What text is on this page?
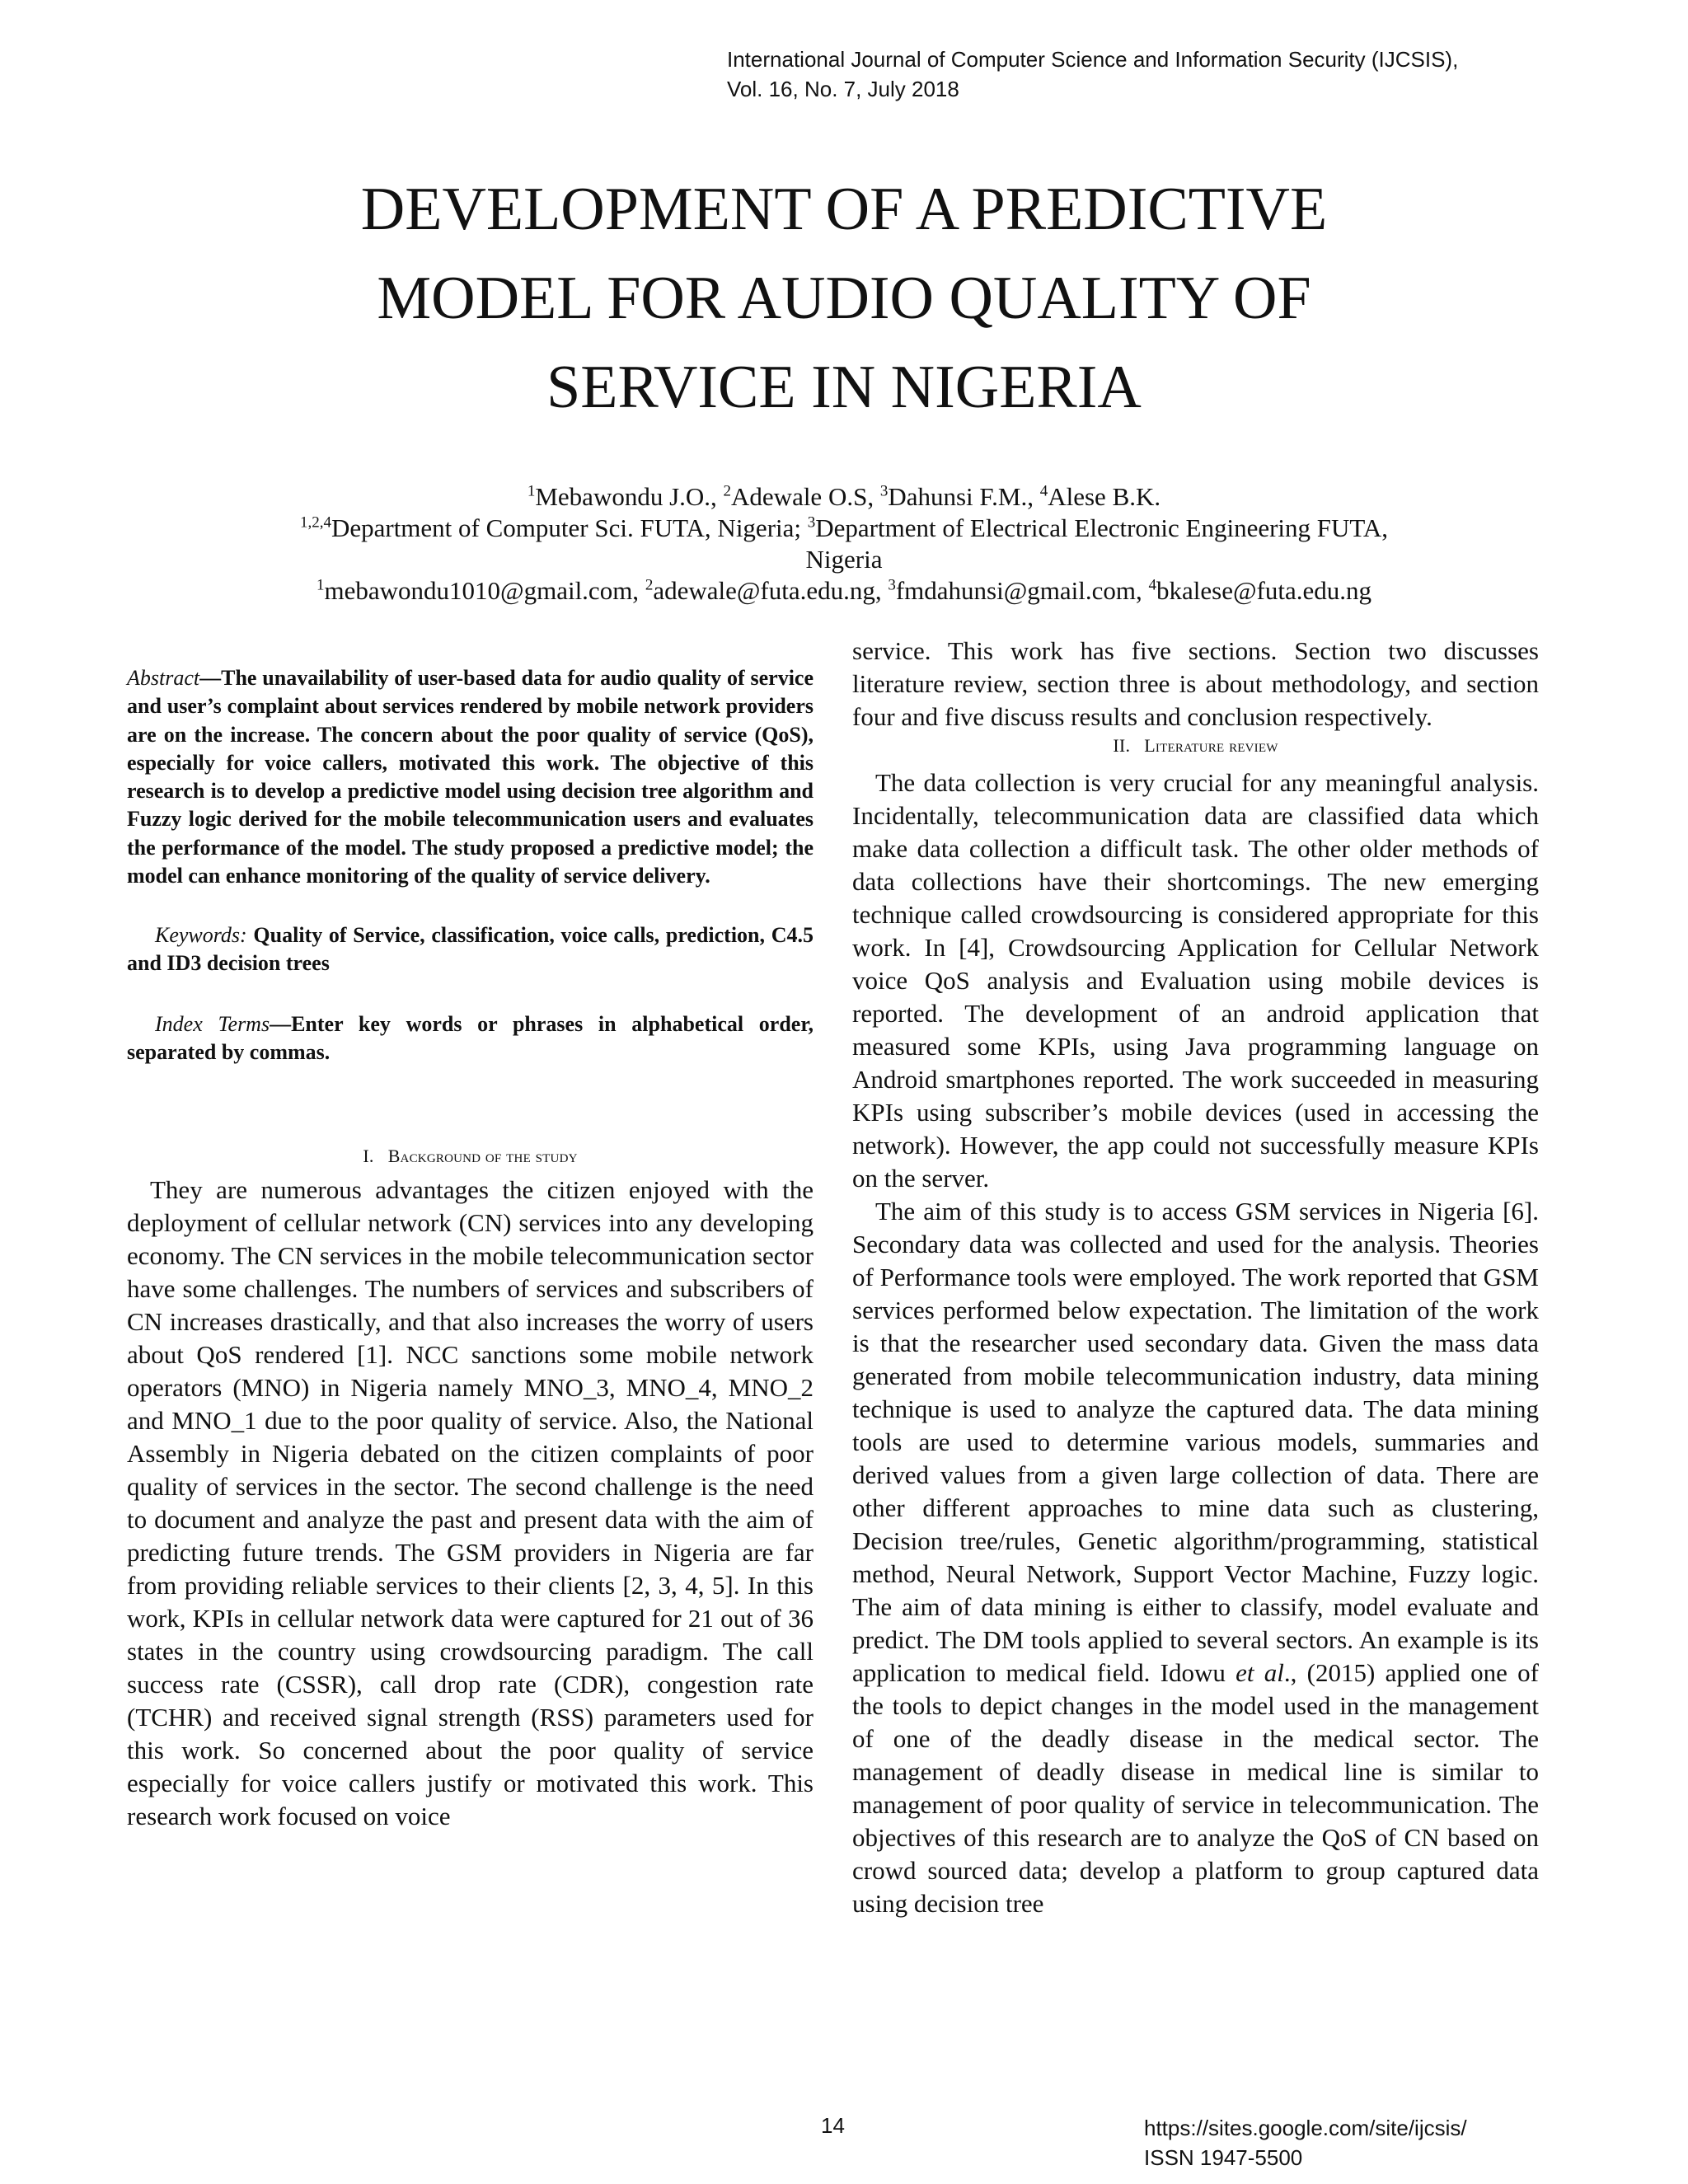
International Journal of Computer Science and Information Security (IJCSIS),
Vol. 16, No. 7, July 2018
DEVELOPMENT OF A PREDICTIVE
MODEL FOR AUDIO QUALITY OF
SERVICE IN NIGERIA
$^1$Mebawondu J.O., $^2$Adewale O.S, $^3$Dahunsi F.M., $^4$Alese B.K.
$^{1,2,4}$Department of Computer Sci. FUTA, Nigeria; $^3$Department of Electrical Electronic Engineering FUTA,
Nigeria
$^1$mebawondu1010@gmail.com, $^2$adewale@futa.edu.ng, $^3$fmdahunsi@gmail.com, $^4$bkalese@futa.edu.ng

Abstract—The unavailability of user-based data for audio quality of service and user’s complaint about services rendered by mobile network providers are on the increase. The concern about the poor quality of service (QoS), especially for voice callers, motivated this work. The objective of this research is to develop a predictive model using decision tree algorithm and Fuzzy logic derived for the mobile telecommunication users and evaluates the performance of the model. The study proposed a predictive model; the model can enhance monitoring of the quality of service delivery.

Keywords: Quality of Service, classification, voice calls, prediction, C4.5 and ID3 decision trees

Index Terms—Enter key words or phrases in alphabetical order, separated by commas.

I. Background of the study

They are numerous advantages the citizen enjoyed with the deployment of cellular network (CN) services into any developing economy. The CN services in the mobile telecommunication sector have some challenges. The numbers of services and subscribers of CN increases drastically, and that also increases the worry of users about QoS rendered [1]. NCC sanctions some mobile network operators (MNO) in Nigeria namely MNO_3, MNO_4, MNO_2 and MNO_1 due to the poor quality of service. Also, the National Assembly in Nigeria debated on the citizen complaints of poor quality of services in the sector. The second challenge is the need to document and analyze the past and present data with the aim of predicting future trends. The GSM providers in Nigeria are far from providing reliable services to their clients [2, 3, 4, 5]. In this work, KPIs in cellular network data were captured for 21 out of 36 states in the country using crowdsourcing paradigm. The call success rate (CSSR), call drop rate (CDR), congestion rate (TCHR) and received signal strength (RSS) parameters used for this work. So concerned about the poor quality of service especially for voice callers justify or motivated this work. This research work focused on voice

service. This work has five sections. Section two discusses literature review, section three is about methodology, and section four and five discuss results and conclusion respectively.

II. Literature review

The data collection is very crucial for any meaningful analysis. Incidentally, telecommunication data are classified data which make data collection a difficult task. The other older methods of data collections have their shortcomings. The new emerging technique called crowdsourcing is considered appropriate for this work. In [4], Crowdsourcing Application for Cellular Network voice QoS analysis and Evaluation using mobile devices is reported. The development of an android application that measured some KPIs, using Java programming language on Android smartphones reported. The work succeeded in measuring KPIs using subscriber’s mobile devices (used in accessing the network). However, the app could not successfully measure KPIs on the server.

The aim of this study is to access GSM services in Nigeria [6]. Secondary data was collected and used for the analysis. Theories of Performance tools were employed. The work reported that GSM services performed below expectation. The limitation of the work is that the researcher used secondary data. Given the mass data generated from mobile telecommunication industry, data mining technique is used to analyze the captured data. The data mining tools are used to determine various models, summaries and derived values from a given large collection of data. There are other different approaches to mine data such as clustering, Decision tree/rules, Genetic algorithm/programming, statistical method, Neural Network, Support Vector Machine, Fuzzy logic. The aim of data mining is either to classify, model evaluate and predict. The DM tools applied to several sectors. An example is its application to medical field. Idowu et al., (2015) applied one of the tools to depict changes in the model used in the management of one of the deadly disease in the medical sector. The management of deadly disease in medical line is similar to management of poor quality of service in telecommunication. The objectives of this research are to analyze the QoS of CN based on crowd sourced data; develop a platform to group captured data using decision tree

14	https://sites.google.com/site/ijcsis/
ISSN 1947-5500
